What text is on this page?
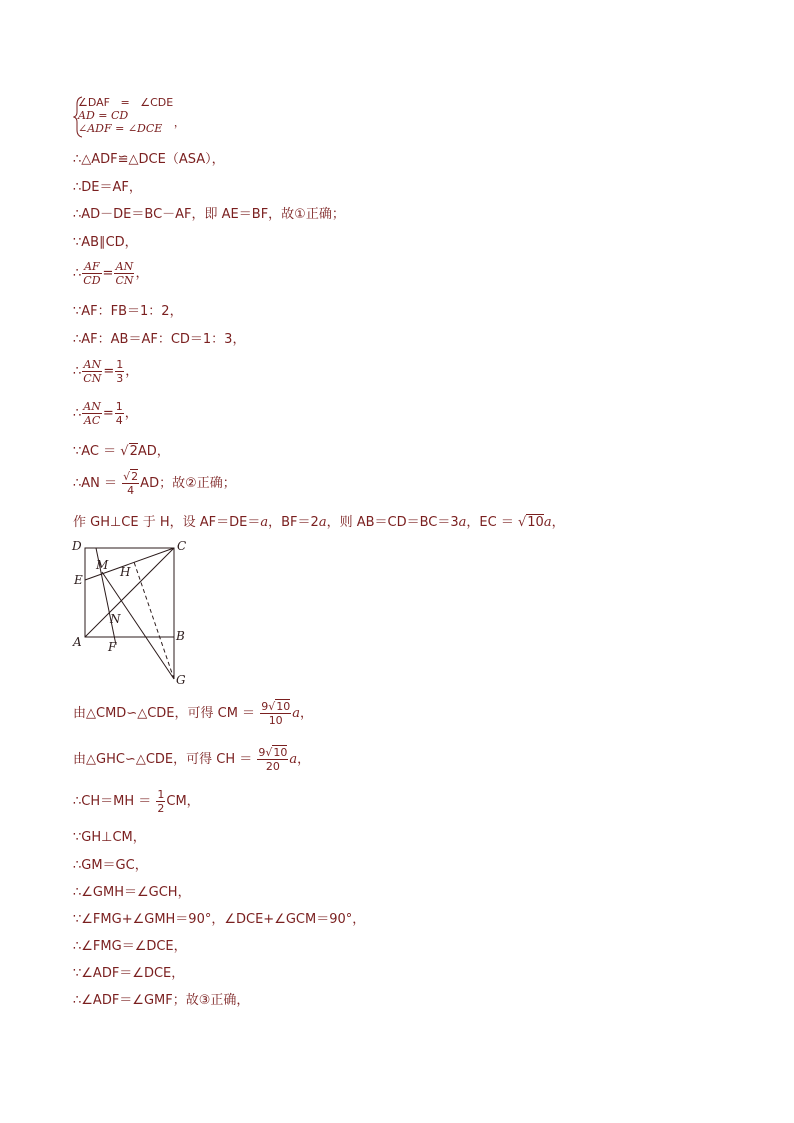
∠DAF = ∠CDE
AD = CD
∠ADF = ∠DCE ，
∴△ADF≌△DCE（ASA），
∴DE＝AF，
∴AD－DE＝BC－AF，即 AE＝BF，故①正确；
∵AB∥CD，
∴ $\frac{AF}{CD} = \frac{AN}{CN}$ ，
∵AF：FB＝1：2，
∴AF：AB＝AF：CD＝1：3，
∴ $\frac{AN}{CN} = \frac{1}{3}$ ，
∴ $\frac{AN}{AC} = \frac{1}{4}$ ，
∵AC ＝ √2AD，
∴AN ＝ $\frac{√2}{4}$ AD；故②正确；
作 GH⊥CE 于 H，设 AF＝DE＝a，BF＝2a，则 AB＝CD＝BC＝3a，EC ＝ √10a，
D	C
E
M H
N
A	B
F
G
由△CMD∽△CDE，可得 CM ＝ $\frac{9√10}{10}$ a，
由△GHC∽△CDE，可得 CH ＝ $\frac{9√10}{20}$ a，
∴CH＝MH ＝ $\frac{1}{2}$ CM，
∵GH⊥CM，
∴GM＝GC，
∴∠GMH＝∠GCH，
∵∠FMG+∠GMH＝90°，∠DCE+∠GCM＝90°，
∴∠FMG＝∠DCE，
∵∠ADF＝∠DCE，
∴∠ADF＝∠GMF；故③正确，
